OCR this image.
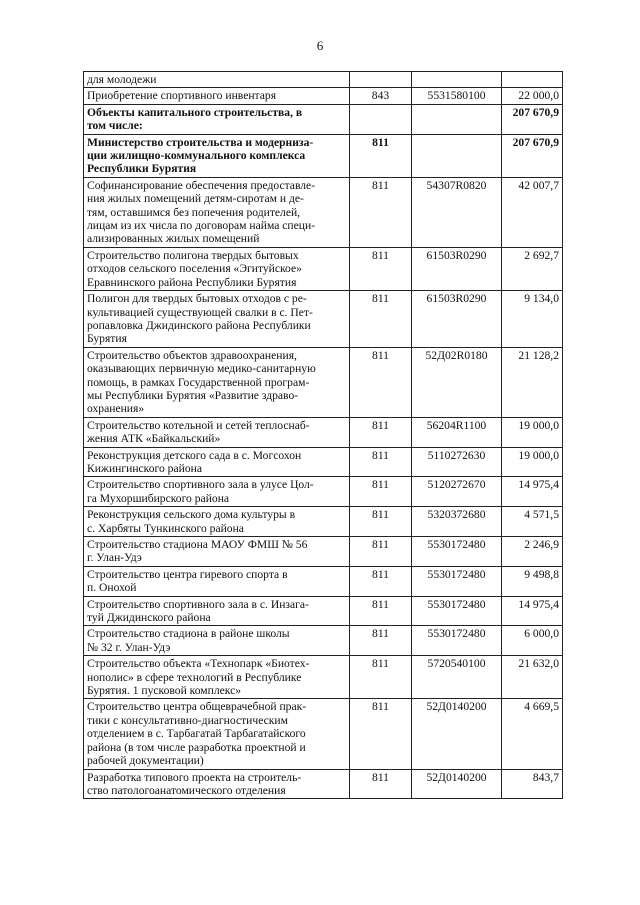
6
для молодежи			
Приобретение спортивного инвентаря	843	5531580100	22 000,0
Объекты капитального строительства, в
том числе:			207 670,9
Министерство строительства и модерниза-
ции жилищно-коммунального комплекса
Республики Бурятия	811		207 670,9
Софинансирование обеспечения предоставле-
ния жилых помещений детям-сиротам и де-
тям, оставшимся без попечения родителей,
лицам из их числа по договорам найма специ-
ализированных жилых помещений	811	54307R0820	42 007,7
Строительство полигона твердых бытовых
отходов сельского поселения «Эгитуйское»
Еравнинского района Республики Бурятия	811	61503R0290	2 692,7
Полигон для твердых бытовых отходов с ре-
культивацией существующей свалки в с. Пет-
ропавловка Джидинского района Республики
Бурятия	811	61503R0290	9 134,0
Строительство объектов здравоохранения,
оказывающих первичную медико-санитарную
помощь, в рамках Государственной програм-
мы Республики Бурятия «Развитие здраво-
охранения»	811	52Д02R0180	21 128,2
Строительство котельной и сетей теплоснаб-
жения АТК «Байкальский»	811	56204R1100	19 000,0
Реконструкция детского сада в с. Могсохон
Кижингинского района	811	5110272630	19 000,0
Строительство спортивного зала в улусе Цол-
га Мухоршибирского района	811	5120272670	14 975,4
Реконструкция сельского дома культуры в
с. Харбяты Тункинского района	811	5320372680	4 571,5
Строительство стадиона МАОУ ФМШ № 56
г. Улан-Удэ	811	5530172480	2 246,9
Строительство центра гиревого спорта в
п. Онохой	811	5530172480	9 498,8
Строительство спортивного зала в с. Инзага-
туй Джидинского района	811	5530172480	14 975,4
Строительство стадиона в районе школы
№ 32 г. Улан-Удэ	811	5530172480	6 000,0
Строительство объекта «Технопарк «Биотех-
нополис» в сфере технологий в Республике
Бурятия. 1 пусковой комплекс»	811	5720540100	21 632,0
Строительство центра общеврачебной прак-
тики с консультативно-диагностическим
отделением в с. Тарбагатай Тарбагатайского
района (в том числе разработка проектной и
рабочей документации)	811	52Д0140200	4 669,5
Разработка типового проекта на строитель-
ство патологоанатомического отделения	811	52Д0140200	843,7
